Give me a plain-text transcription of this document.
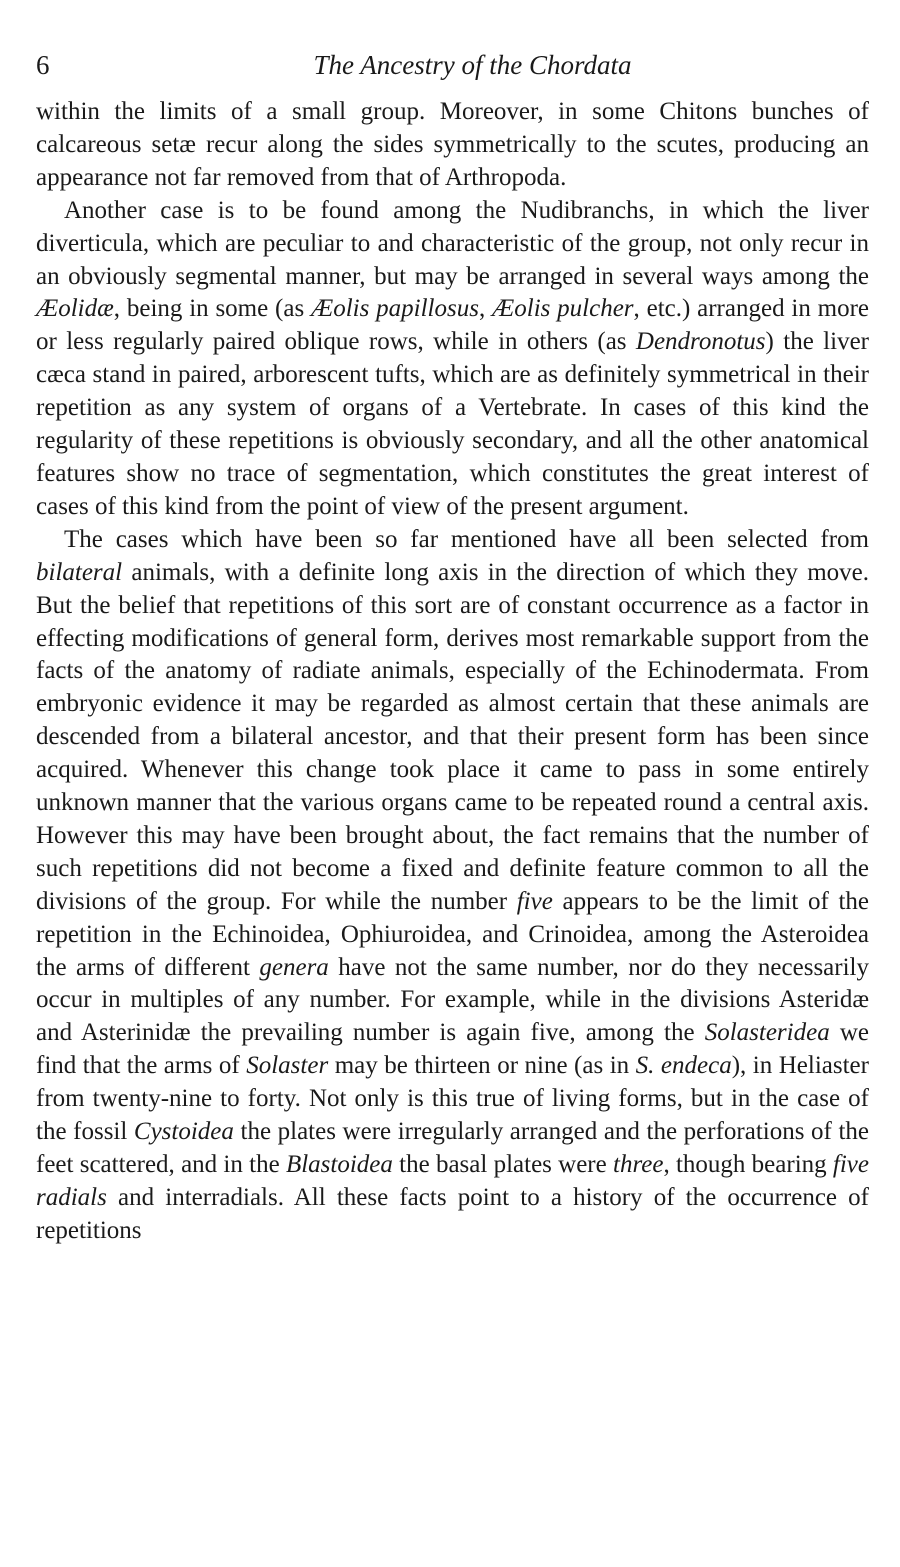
6	The Ancestry of the Chordata

within the limits of a small group. Moreover, in some Chitons bunches of calcareous setæ recur along the sides symmetrically to the scutes, producing an appearance not far removed from that of Arthropoda.

Another case is to be found among the Nudibranchs, in which the liver diverticula, which are peculiar to and characteristic of the group, not only recur in an obviously segmental manner, but may be arranged in several ways among the Æolidæ, being in some (as Æolis papillosus, Æolis pulcher, etc.) arranged in more or less regularly paired oblique rows, while in others (as Dendronotus) the liver cæca stand in paired, arborescent tufts, which are as definitely symmetrical in their repetition as any system of organs of a Vertebrate. In cases of this kind the regularity of these repetitions is obviously secondary, and all the other anatomical features show no trace of segmentation, which constitutes the great interest of cases of this kind from the point of view of the present argument.

The cases which have been so far mentioned have all been selected from bilateral animals, with a definite long axis in the direction of which they move. But the belief that repetitions of this sort are of constant occurrence as a factor in effecting modifications of general form, derives most remarkable support from the facts of the anatomy of radiate animals, especially of the Echinodermata. From embryonic evidence it may be regarded as almost certain that these animals are descended from a bilateral ancestor, and that their present form has been since acquired. Whenever this change took place it came to pass in some entirely unknown manner that the various organs came to be repeated round a central axis. However this may have been brought about, the fact remains that the number of such repetitions did not become a fixed and definite feature common to all the divisions of the group. For while the number five appears to be the limit of the repetition in the Echinoidea, Ophiuroidea, and Crinoidea, among the Asteroidea the arms of different genera have not the same number, nor do they necessarily occur in multiples of any number. For example, while in the divisions Asteridæ and Asterinidæ the prevailing number is again five, among the Solasteridea we find that the arms of Solaster may be thirteen or nine (as in S. endeca), in Heliaster from twenty-nine to forty. Not only is this true of living forms, but in the case of the fossil Cystoidea the plates were irregularly arranged and the perforations of the feet scattered, and in the Blastoidea the basal plates were three, though bearing five radials and interradials. All these facts point to a history of the occurrence of repetitions
